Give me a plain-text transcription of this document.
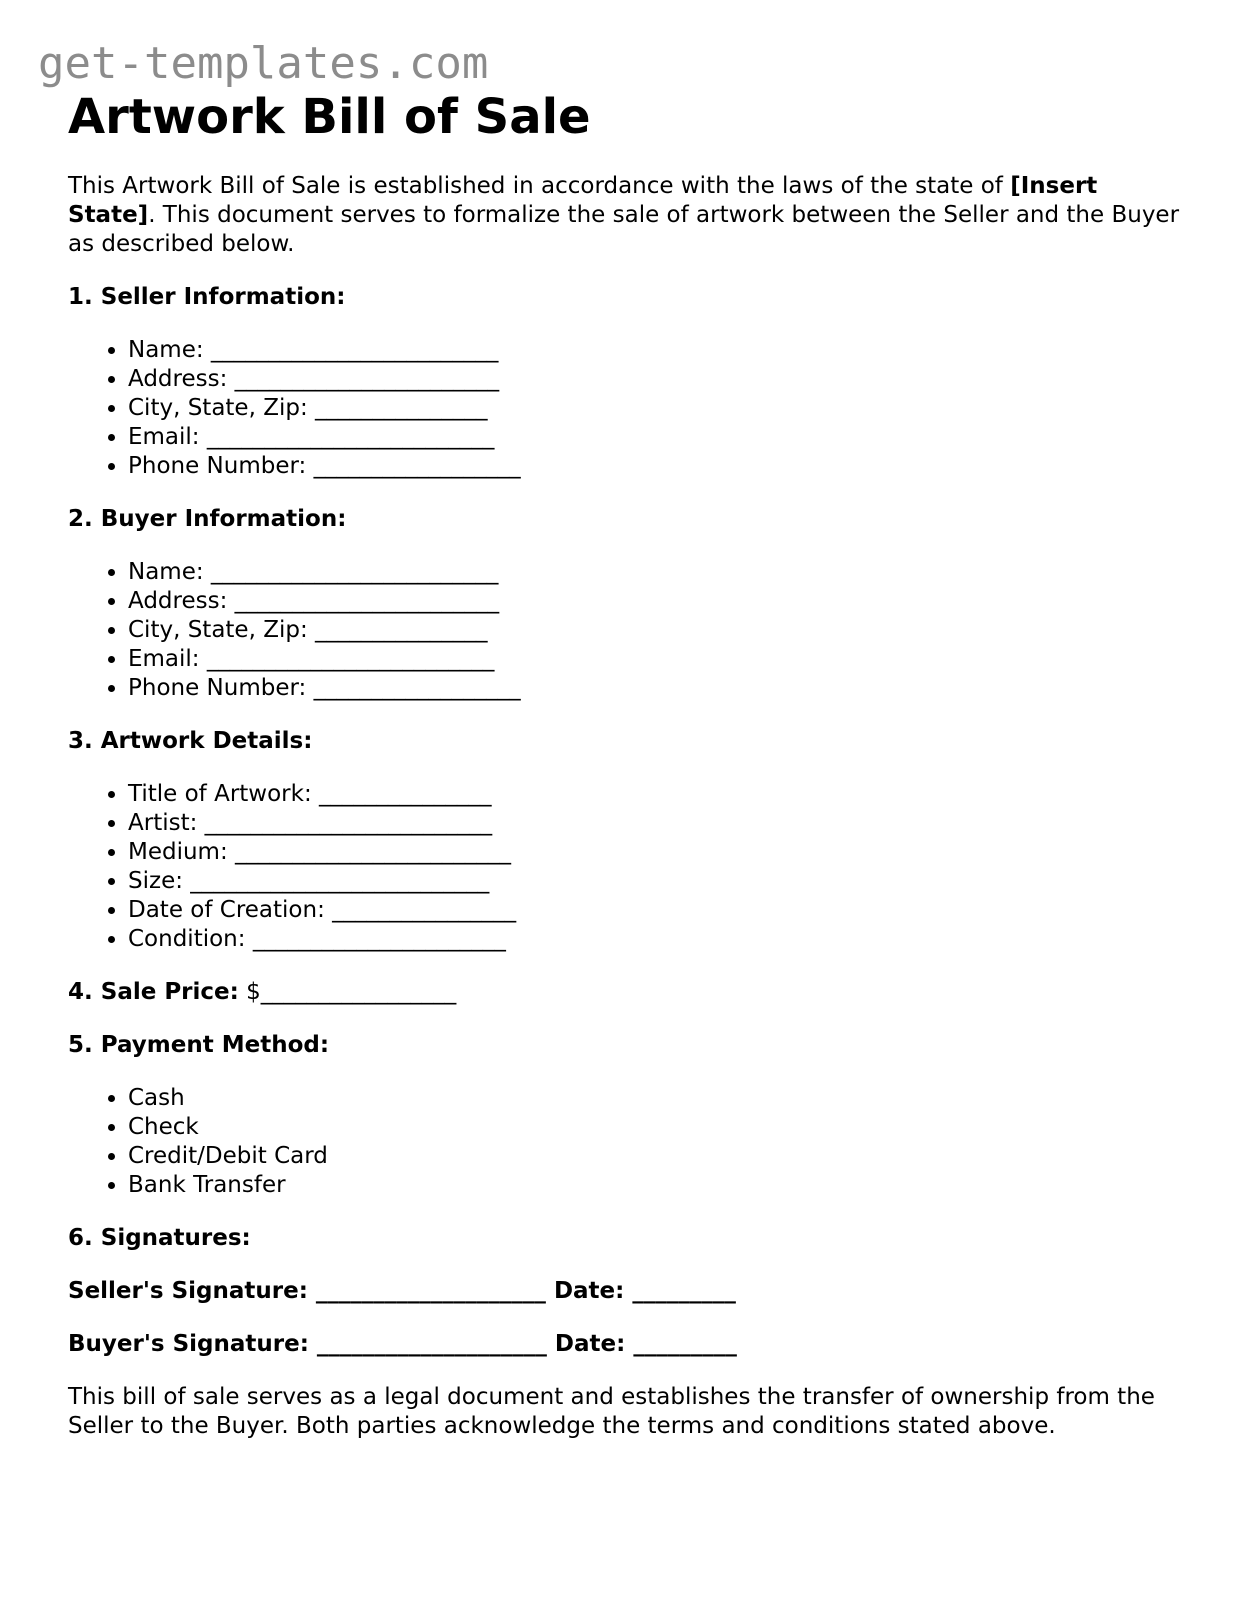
get-templates.com
Artwork Bill of Sale

This Artwork Bill of Sale is established in accordance with the laws of the state of [Insert State]. This document serves to formalize the sale of artwork between the Seller and the Buyer as described below.

1. Seller Information:
• Name: _________________________
• Address: _______________________
• City, State, Zip: _______________
• Email: _________________________
• Phone Number: __________________
2. Buyer Information:
• Name: _________________________
• Address: _______________________
• City, State, Zip: _______________
• Email: _________________________
• Phone Number: __________________
3. Artwork Details:
• Title of Artwork: _______________
• Artist: _________________________
• Medium: ________________________
• Size: __________________________
• Date of Creation: ________________
• Condition: ______________________
4. Sale Price: $_________________
5. Payment Method:
• Cash
• Check
• Credit/Debit Card
• Bank Transfer
6. Signatures:
Seller's Signature: ____________________ Date: _________
Buyer's Signature: ____________________ Date: _________

This bill of sale serves as a legal document and establishes the transfer of ownership from the Seller to the Buyer. Both parties acknowledge the terms and conditions stated above.
